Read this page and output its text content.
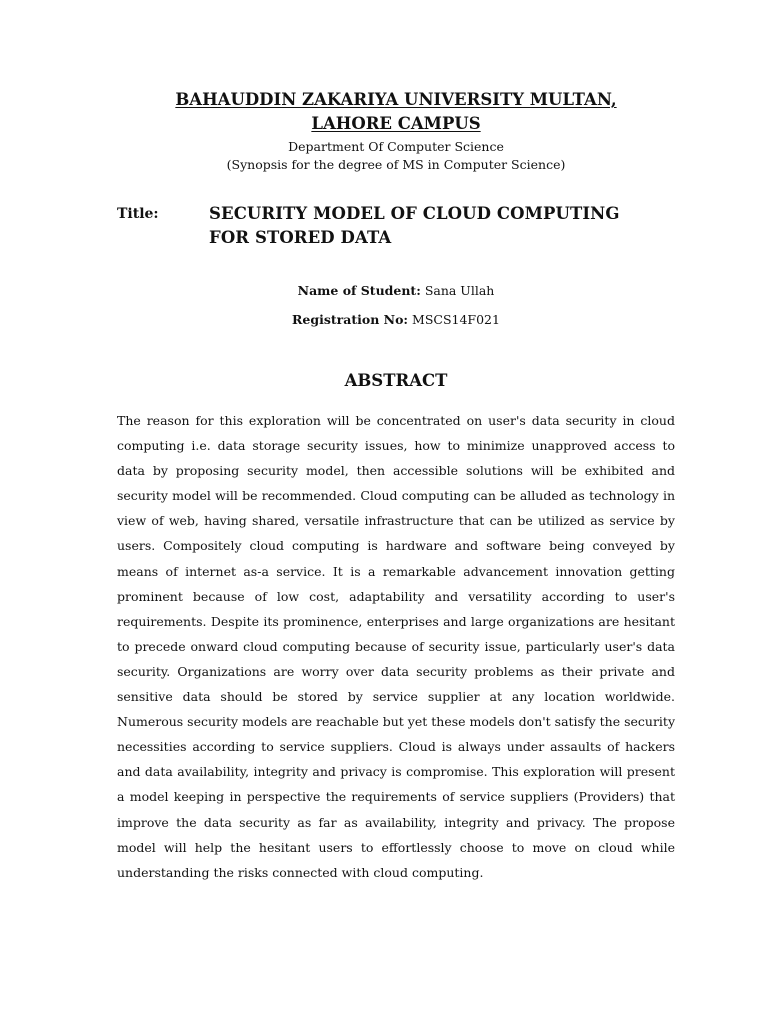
BAHAUDDIN ZAKARIYA UNIVERSITY MULTAN,
LAHORE CAMPUS

Department Of Computer Science

(Synopsis for the degree of MS in Computer Science)

Title:	SECURITY MODEL OF CLOUD COMPUTING
FOR STORED DATA
Name of Student: Sana Ullah
Registration No: MSCS14F021
ABSTRACT

The reason for this exploration will be concentrated on user's data security in cloud computing i.e. data storage security issues, how to minimize unapproved access to data by proposing security model, then accessible solutions will be exhibited and security model will be recommended. Cloud computing can be alluded as technology in view of web, having shared, versatile infrastructure that can be utilized as service by users. Compositely cloud computing is hardware and software being conveyed by means of internet as-a service. It is a remarkable advancement innovation getting prominent because of low cost, adaptability and versatility according to user's requirements. Despite its prominence, enterprises and large organizations are hesitant to precede onward cloud computing because of security issue, particularly user's data security. Organizations are worry over data security problems as their private and sensitive data should be stored by service supplier at any location worldwide. Numerous security models are reachable but yet these models don't satisfy the security necessities according to service suppliers. Cloud is always under assaults of hackers and data availability, integrity and privacy is compromise. This exploration will present a model keeping in perspective the requirements of service suppliers (Providers) that improve the data security as far as availability, integrity and privacy. The propose model will help the hesitant users to effortlessly choose to move on cloud while understanding the risks connected with cloud computing.
